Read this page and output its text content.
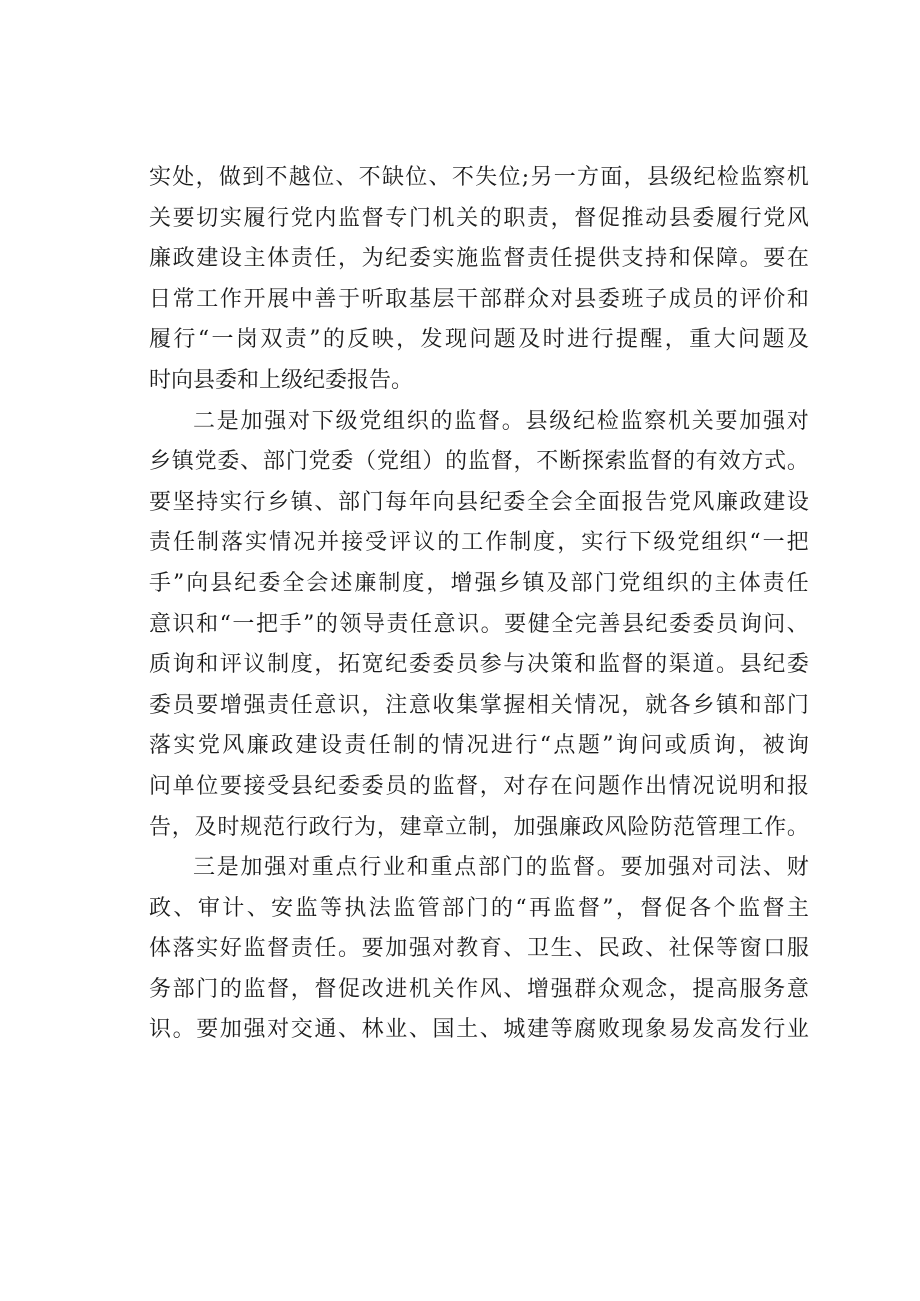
实 处 ， 做 到 不 越 位 、 不 缺 位 、 不 失 位 ; 另 一 方 面 ， 县 级 纪 检 监 察 机
关 要 切 实 履 行 党 内 监 督 专 门 机 关 的 职 责 ， 督 促 推 动 县 委 履 行 党 风
廉 政 建 设 主 体 责 任 ， 为 纪 委 实 施 监 督 责 任 提 供 支 持 和 保 障 。 要 在
日 常 工 作 开 展 中 善 于 听 取 基 层 干 部 群 众 对 县 委 班 子 成 员 的 评 价 和
履 行 “ 一 岗 双 责 ” 的 反 映 ， 发 现 问 题 及 时 进 行 提 醒 ， 重 大 问 题 及
时向县委和上级纪委报告。
二 是 加 强 对 下 级 党 组 织 的 监 督 。 县 级 纪 检 监 察 机 关 要 加 强 对
乡 镇 党 委 、 部 门 党 委 （ 党 组 ） 的 监 督 ， 不 断 探 索 监 督 的 有 效 方 式 。
要 坚 持 实 行 乡 镇 、 部 门 每 年 向 县 纪 委 全 会 全 面 报 告 党 风 廉 政 建 设
责 任 制 落 实 情 况 并 接 受 评 议 的 工 作 制 度 ， 实 行 下 级 党 组 织 “ 一 把
手 ” 向 县 纪 委 全 会 述 廉 制 度 ， 增 强 乡 镇 及 部 门 党 组 织 的 主 体 责 任
意 识 和 “ 一 把 手 ” 的 领 导 责 任 意 识 。 要 健 全 完 善 县 纪 委 委 员 询 问 、
质 询 和 评 议 制 度 ， 拓 宽 纪 委 委 员 参 与 决 策 和 监 督 的 渠 道 。 县 纪 委
委 员 要 增 强 责 任 意 识 ， 注 意 收 集 掌 握 相 关 情 况 ， 就 各 乡 镇 和 部 门
落 实 党 风 廉 政 建 设 责 任 制 的 情 况 进 行 “ 点 题 ” 询 问 或 质 询 ， 被 询
问 单 位 要 接 受 县 纪 委 委 员 的 监 督 ， 对 存 在 问 题 作 出 情 况 说 明 和 报
告 ， 及 时 规 范 行 政 行 为 ， 建 章 立 制 ， 加 强 廉 政 风 险 防 范 管 理 工 作 。
三 是 加 强 对 重 点 行 业 和 重 点 部 门 的 监 督 。 要 加 强 对 司 法 、 财
政 、 审 计 、 安 监 等 执 法 监 管 部 门 的 “ 再 监 督 ” ， 督 促 各 个 监 督 主
体 落 实 好 监 督 责 任 。 要 加 强 对 教 育 、 卫 生 、 民 政 、 社 保 等 窗 口 服
务 部 门 的 监 督 ， 督 促 改 进 机 关 作 风 、 增 强 群 众 观 念 ， 提 高 服 务 意
识 。 要 加 强 对 交 通 、 林 业 、 国 土 、 城 建 等 腐 败 现 象 易 发 高 发 行 业
